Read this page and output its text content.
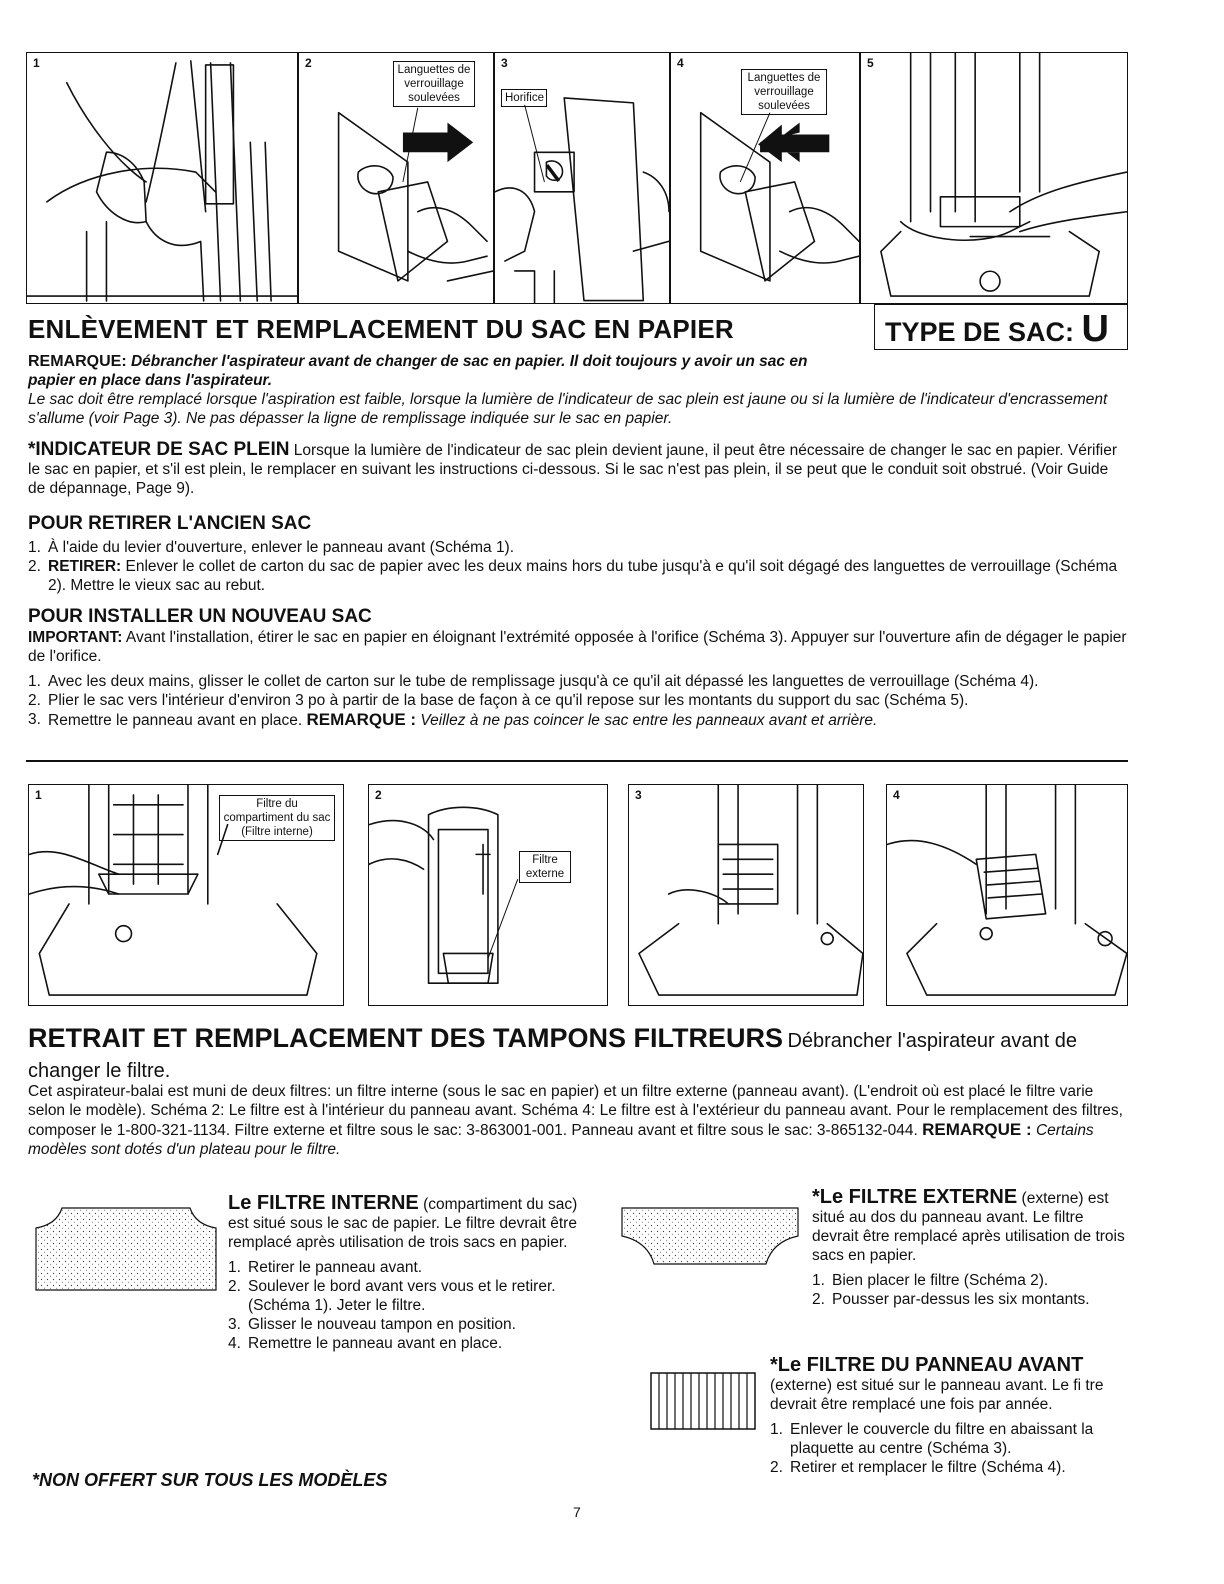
1	2	Languettes de verrouillage soulevées
3
Horifice
4
Languettes de verrouillage soulevées
5
ENLÈVEMENT ET REMPLACEMENT DU SAC EN PAPIER	TYPE DE SAC: U
REMARQUE: Débrancher l'aspirateur avant de changer de sac en papier. Il doit toujours y avoir un sac en papier en place dans l'aspirateur.
Le sac doit être remplacé lorsque l'aspiration est faible, lorsque la lumière de l'indicateur de sac plein est jaune ou si la lumière de l'indicateur d'encrassement s'allume (voir Page 3). Ne pas dépasser la ligne de remplissage indiquée sur le sac en papier.
*INDICATEUR DE SAC PLEIN Lorsque la lumière de l'indicateur de sac plein devient jaune, il peut être nécessaire de changer le sac en papier. Vérifier le sac en papier, et s'il est plein, le remplacer en suivant les instructions ci-dessous. Si le sac n'est pas plein, il se peut que le conduit soit obstrué. (Voir Guide de dépannage, Page 9).
POUR RETIRER L'ANCIEN SAC
1. À l'aide du levier d'ouverture, enlever le panneau avant (Schéma 1).
2. RETIRER: Enlever le collet de carton du sac de papier avec les deux mains hors du tube jusqu'à e qu'il soit dégagé des languettes de verrouillage (Schéma 2). Mettre le vieux sac au rebut.
POUR INSTALLER UN NOUVEAU SAC
IMPORTANT: Avant l'installation, étirer le sac en papier en éloignant l'extrémité opposée à l'orifice (Schéma 3). Appuyer sur l'ouverture afin de dégager le papier de l'orifice.
1. Avec les deux mains, glisser le collet de carton sur le tube de remplissage jusqu'à ce qu'il ait dépassé les languettes de verrouillage (Schéma 4).
2. Plier le sac vers l'intérieur d'environ 3 po à partir de la base de façon à ce qu'il repose sur les montants du support du sac (Schéma 5).
3. Remettre le panneau avant en place. REMARQUE : Veillez à ne pas coincer le sac entre les panneaux avant et arrière.
1
Filtre du compartiment du sac (Filtre interne)
2
Filtre externe
3	4
RETRAIT ET REMPLACEMENT DES TAMPONS FILTREURS Débrancher l'aspirateur avant de changer le filtre.
Cet aspirateur-balai est muni de deux filtres: un filtre interne (sous le sac en papier) et un filtre externe (panneau avant). (L'endroit où est placé le filtre varie selon le modèle). Schéma 2: Le filtre est à l'intérieur du panneau avant. Schéma 4: Le filtre est à l'extérieur du panneau avant. Pour le remplacement des filtres, composer le 1-800-321-1134. Filtre externe et filtre sous le sac: 3-863001-001. Panneau avant et filtre sous le sac: 3-865132-044. REMARQUE : Certains modèles sont dotés d'un plateau pour le filtre.
Le FILTRE INTERNE (compartiment du sac) est situé sous le sac de papier. Le filtre devrait être remplacé après utilisation de trois sacs en papier.
1. Retirer le panneau avant.
2. Soulever le bord avant vers vous et le retirer. (Schéma 1). Jeter le filtre.
3. Glisser le nouveau tampon en position.
4. Remettre le panneau avant en place.
*Le FILTRE EXTERNE (externe) est situé au dos du panneau avant. Le filtre devrait être remplacé après utilisation de trois sacs en papier.
1. Bien placer le filtre (Schéma 2).
2. Pousser par-dessus les six montants.
*Le FILTRE DU PANNEAU AVANT (externe) est situé sur le panneau avant. Le fi tre devrait être remplacé une fois par année.
1. Enlever le couvercle du filtre en abaissant la plaquette au centre (Schéma 3).
2. Retirer et remplacer le filtre (Schéma 4).
*NON OFFERT SUR TOUS LES MODÈLES
7
